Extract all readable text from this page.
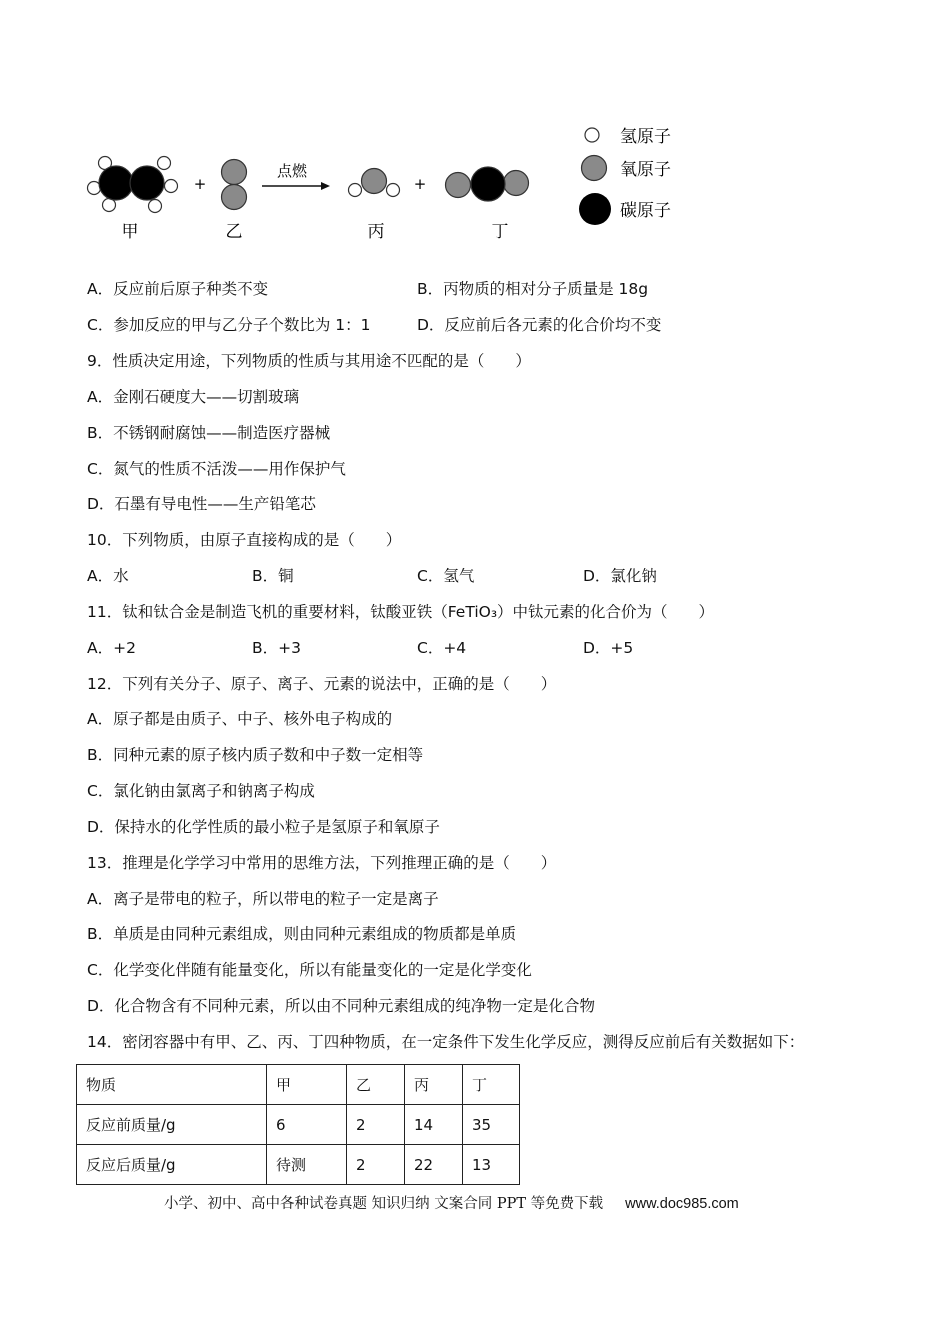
甲
+
乙
点燃
丙
+
丁
氢原子
氧原子
碳原子
A．反应前后原子种类不变	B．丙物质的相对分子质量是 18g
C．参加反应的甲与乙分子个数比为 1：1	D．反应前后各元素的化合价均不变
9．性质决定用途，下列物质的性质与其用途不匹配的是（　　）
A．金刚石硬度大——切割玻璃
B．不锈钢耐腐蚀——制造医疗器械
C．氮气的性质不活泼——用作保护气
D．石墨有导电性——生产铅笔芯
10．下列物质，由原子直接构成的是（　　）
A．水	B．铜	C．氢气	D．氯化钠
11．钛和钛合金是制造飞机的重要材料，钛酸亚铁（FeTiO₃）中钛元素的化合价为（　　）
A．+2	B．+3	C．+4	D．+5
12．下列有关分子、原子、离子、元素的说法中，正确的是（　　）
A．原子都是由质子、中子、核外电子构成的
B．同种元素的原子核内质子数和中子数一定相等
C．氯化钠由氯离子和钠离子构成
D．保持水的化学性质的最小粒子是氢原子和氧原子
13．推理是化学学习中常用的思维方法，下列推理正确的是（　　）
A．离子是带电的粒子，所以带电的粒子一定是离子
B．单质是由同种元素组成，则由同种元素组成的物质都是单质
C．化学变化伴随有能量变化，所以有能量变化的一定是化学变化
D．化合物含有不同种元素，所以由不同种元素组成的纯净物一定是化合物
14．密闭容器中有甲、乙、丙、丁四种物质，在一定条件下发生化学反应，测得反应前后有关数据如下：
物质	甲	乙	丙	丁
反应前质量/g	6	2	14	35
反应后质量/g	待测	2	22	13
小学、初中、高中各种试卷真题 知识归纳 文案合同 PPT 等免费下载 www.doc985.com
